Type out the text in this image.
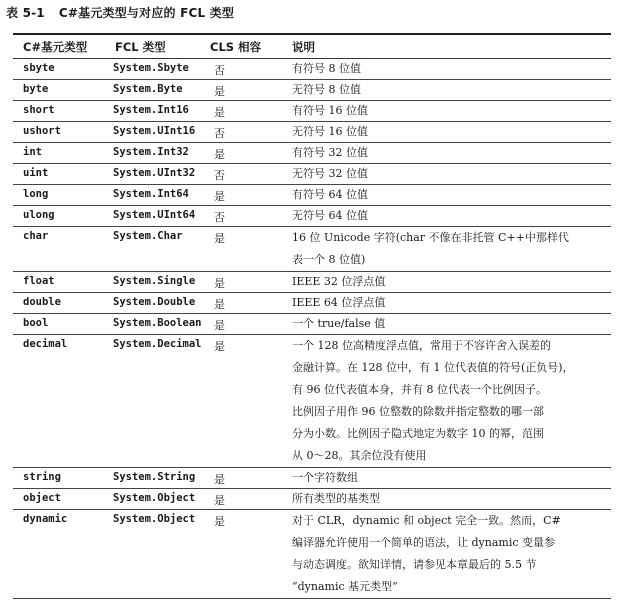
表 5-1 C#基元类型与对应的 FCL 类型
C#基元类型	FCL 类型	CLS 相容	说明
sbyte	System.Sbyte	否	有符号 8 位值
byte	System.Byte	是	无符号 8 位值
short	System.Int16	是	有符号 16 位值
ushort	System.UInt16	否	无符号 16 位值
int	System.Int32	是	有符号 32 位值
uint	System.UInt32	否	无符号 32 位值
long	System.Int64	是	有符号 64 位值
ulong	System.UInt64	否	无符号 64 位值
char	System.Char	是	16 位 Unicode 字符(char 不像在非托管 C++中那样代
表一个 8 位值)
float	System.Single	是	IEEE 32 位浮点值
double	System.Double	是	IEEE 64 位浮点值
bool	System.Boolean	是	一个 true/false 值
decimal	System.Decimal	是	一个 128 位高精度浮点值，常用于不容许舍入误差的
金融计算。在 128 位中，有 1 位代表值的符号(正负号)，
有 96 位代表值本身，并有 8 位代表一个比例因子。
比例因子用作 96 位整数的除数并指定整数的哪一部
分为小数。比例因子隐式地定为数字 10 的幂，范围
从 0～28。其余位没有使用
string	System.String	是	一个字符数组
object	System.Object	是	所有类型的基类型
dynamic	System.Object	是	对于 CLR，dynamic 和 object 完全一致。然而，C#
编译器允许使用一个简单的语法，让 dynamic 变量参
与动态调度。欲知详情，请参见本章最后的 5.5 节
“dynamic 基元类型”
